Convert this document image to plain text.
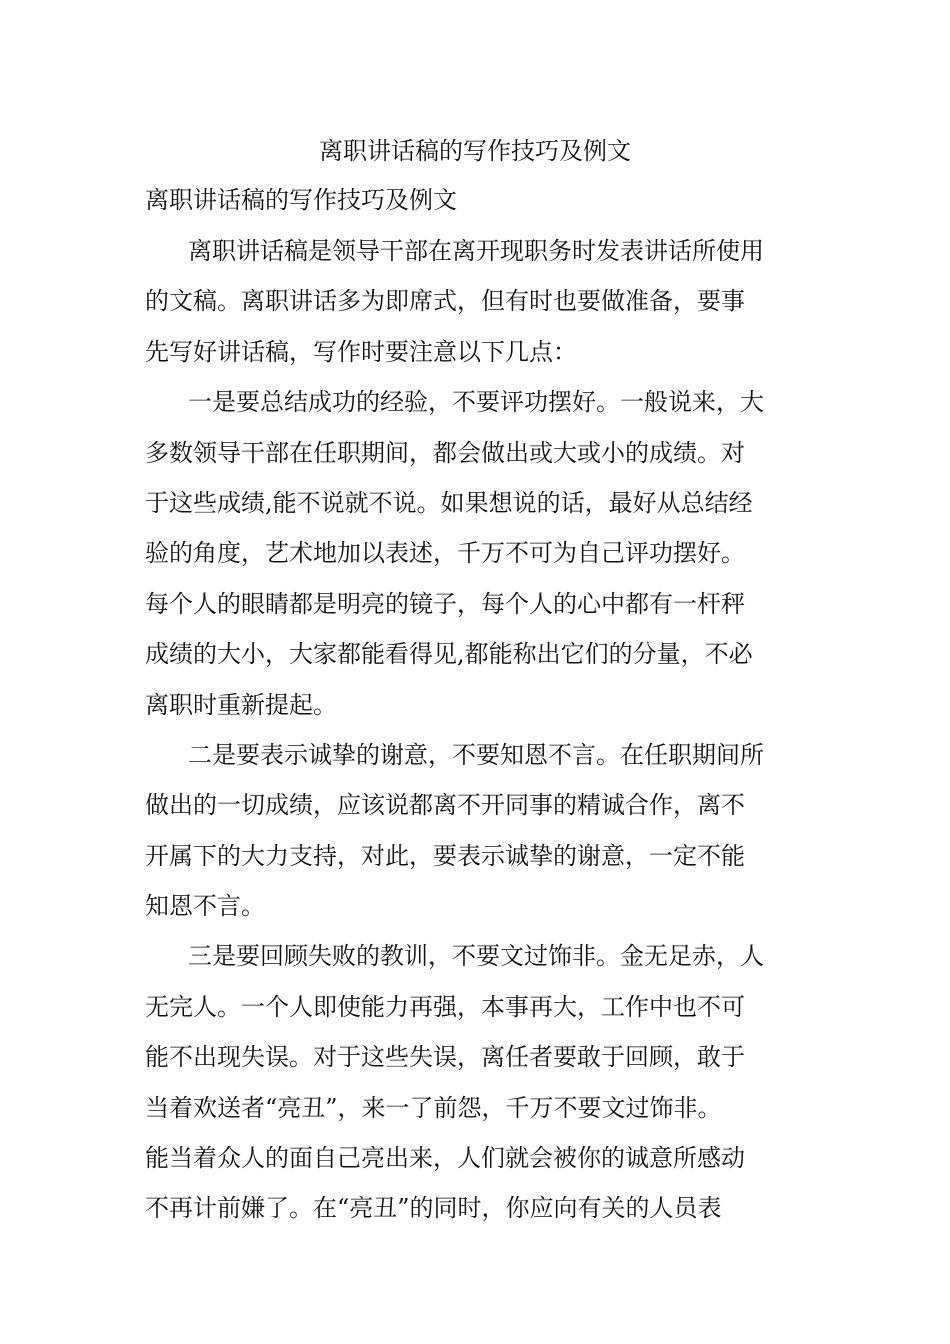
离职讲话稿的写作技巧及例文

离职讲话稿的写作技巧及例文

离职讲话稿是领导干部在离开现职务时发表讲话所使用
的文稿。离职讲话多为即席式，但有时也要做准备，要事
先写好讲话稿，写作时要注意以下几点：
一是要总结成功的经验，不要评功摆好。一般说来，大
多数领导干部在任职期间，都会做出或大或小的成绩。对
于这些成绩,能不说就不说。如果想说的话，最好从总结经
验的角度，艺术地加以表述，千万不可为自己评功摆好。
每个人的眼睛都是明亮的镜子，每个人的心中都有一杆秤
成绩的大小，大家都能看得见,都能称出它们的分量，不必
离职时重新提起。
二是要表示诚挚的谢意，不要知恩不言。在任职期间所
做出的一切成绩，应该说都离不开同事的精诚合作，离不
开属下的大力支持，对此，要表示诚挚的谢意，一定不能
知恩不言。
三是要回顾失败的教训，不要文过饰非。金无足赤，人
无完人。一个人即使能力再强，本事再大，工作中也不可
能不出现失误。对于这些失误，离任者要敢于回顾，敢于
当着欢送者“亮丑”，来一了前怨，千万不要文过饰非。
能当着众人的面自己亮出来，人们就会被你的诚意所感动
不再计前嫌了。在“亮丑”的同时，你应向有关的人员表
